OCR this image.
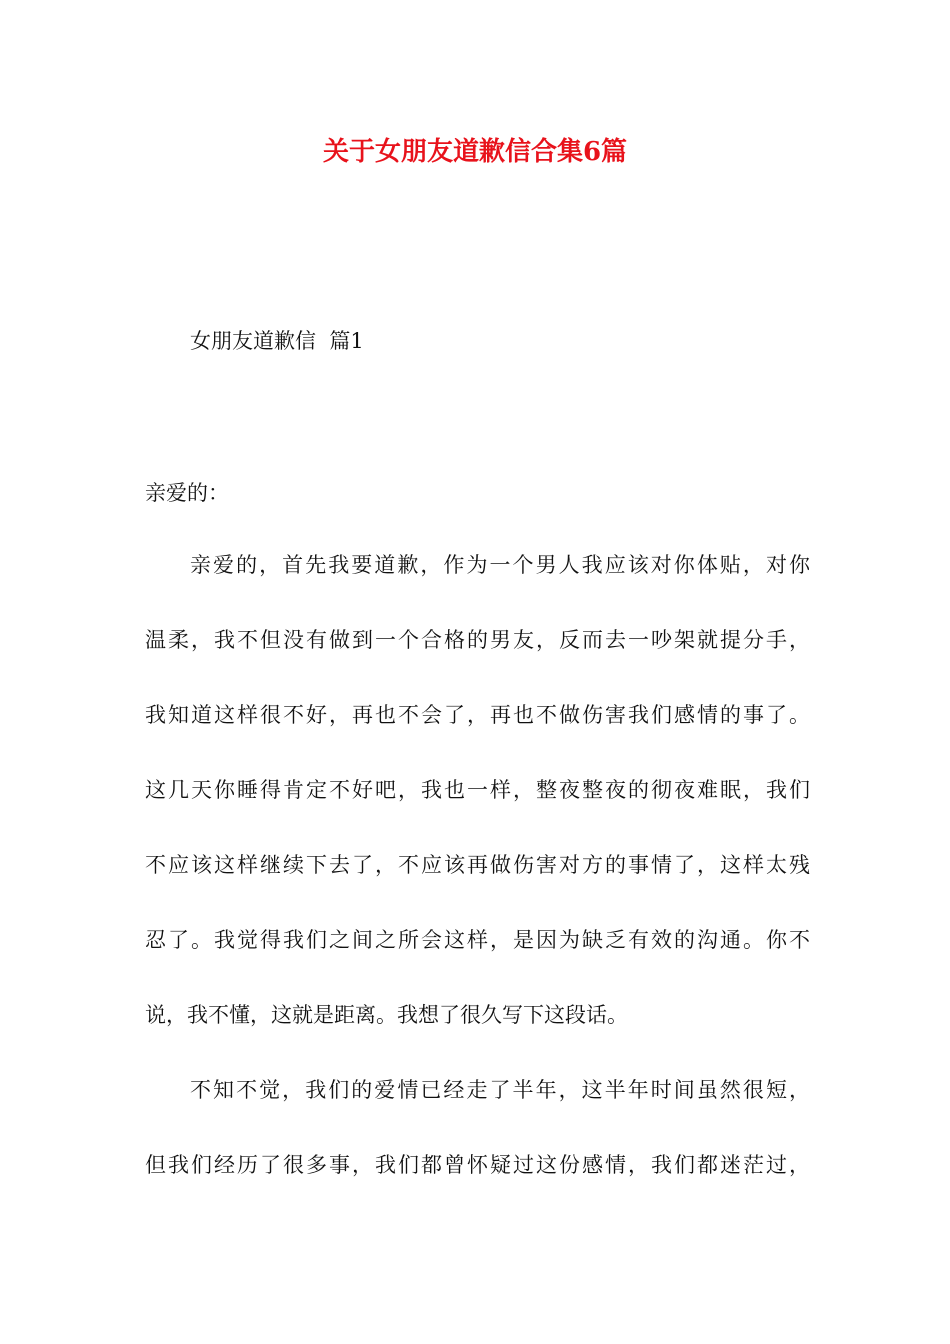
关于女朋友道歉信合集6篇
女朋友道歉信  篇1
亲爱的：
亲爱的，首先我要道歉，作为一个男人我应该对你体贴，对你
温柔，我不但没有做到一个合格的男友，反而去一吵架就提分手，
我知道这样很不好，再也不会了，再也不做伤害我们感情的事了。
这几天你睡得肯定不好吧，我也一样，整夜整夜的彻夜难眠，我们
不应该这样继续下去了，不应该再做伤害对方的事情了，这样太残
忍了。我觉得我们之间之所会这样，是因为缺乏有效的沟通。你不
说，我不懂，这就是距离。我想了很久写下这段话。
不知不觉，我们的爱情已经走了半年，这半年时间虽然很短，
但我们经历了很多事，我们都曾怀疑过这份感情，我们都迷茫过，
